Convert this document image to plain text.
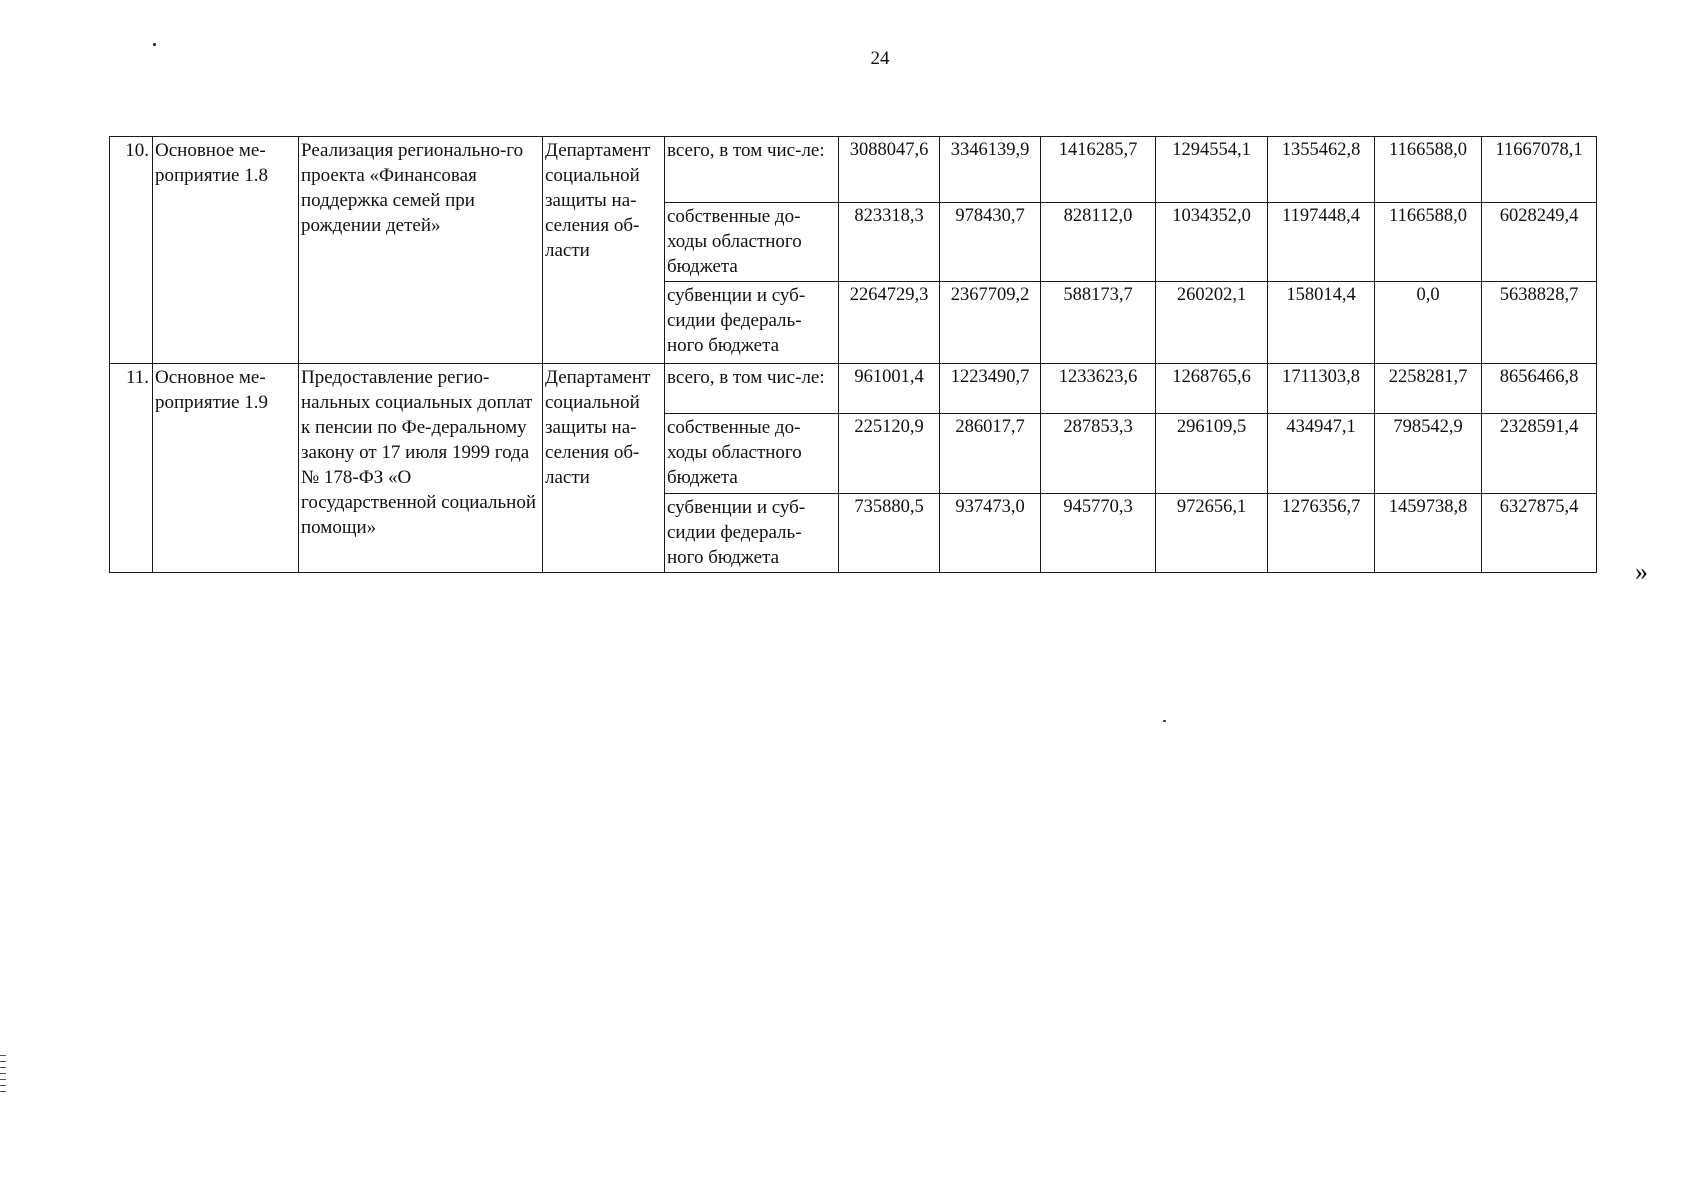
24
10.	Основное ме-роприятие 1.8	Реализация регионально-го проекта «Финансовая поддержка семей при рождении детей»	Департамент социальной защиты на-селения об-ласти	всего, в том чис-ле:	3088047,6	3346139,9	1416285,7	1294554,1	1355462,8	1166588,0	11667078,1
				собственные до-ходы областного бюджета	823318,3	978430,7	828112,0	1034352,0	1197448,4	1166588,0	6028249,4
				субвенции и суб-сидии федераль-ного бюджета	2264729,3	2367709,2	588173,7	260202,1	158014,4	0,0	5638828,7
11.	Основное ме-роприятие 1.9	Предоставление регио-нальных социальных доплат к пенсии по Фе-деральному закону от 17 июля 1999 года № 178-ФЗ «О государственной социальной помощи»	Департамент социальной защиты на-селения об-ласти	всего, в том чис-ле:	961001,4	1223490,7	1233623,6	1268765,6	1711303,8	2258281,7	8656466,8
				собственные до-ходы областного бюджета	225120,9	286017,7	287853,3	296109,5	434947,1	798542,9	2328591,4
				субвенции и суб-сидии федераль-ного бюджета	735880,5	937473,0	945770,3	972656,1	1276356,7	1459738,8	6327875,4
»
